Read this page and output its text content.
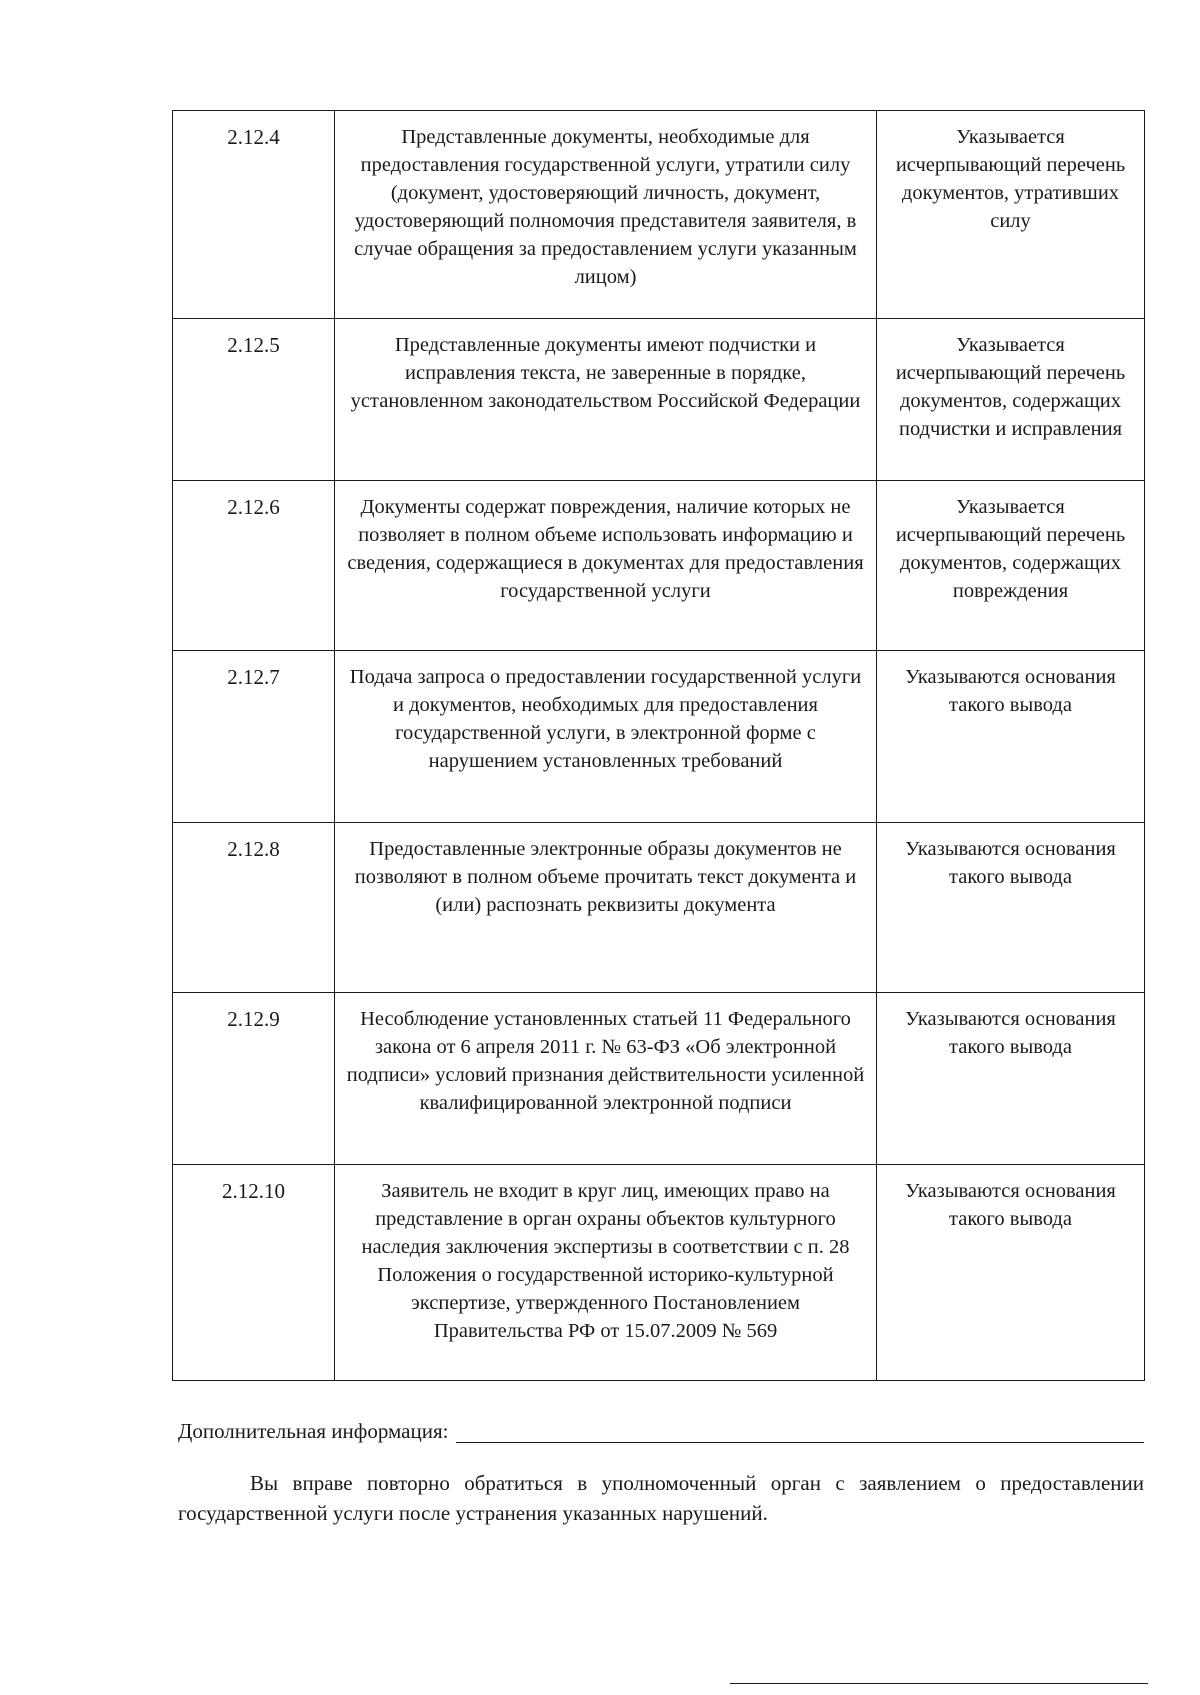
2.12.4	Представленные документы, необходимые для предоставления государственной услуги, утратили силу (документ, удостоверяющий личность, документ, удостоверяющий полномочия представителя заявителя, в случае обращения за предоставлением услуги указанным лицом)	Указывается исчерпывающий перечень документов, утративших силу
2.12.5	Представленные документы имеют подчистки и исправления текста, не заверенные в порядке, установленном законодательством Российской Федерации	Указывается исчерпывающий перечень документов, содержащих подчистки и исправления
2.12.6	Документы содержат повреждения, наличие которых не позволяет в полном объеме использовать информацию и сведения, содержащиеся в документах для предоставления государственной услуги	Указывается исчерпывающий перечень документов, содержащих повреждения
2.12.7	Подача запроса о предоставлении государственной услуги и документов, необходимых для предоставления государственной услуги, в электронной форме с нарушением установленных требований	Указываются основания такого вывода
2.12.8	Предоставленные электронные образы документов не позволяют в полном объеме прочитать текст документа и (или) распознать реквизиты документа	Указываются основания такого вывода
2.12.9	Несоблюдение установленных статьей 11 Федерального закона от 6 апреля 2011 г. № 63-ФЗ «Об электронной подписи» условий признания действительности усиленной квалифицированной электронной подписи	Указываются основания такого вывода
2.12.10	Заявитель не входит в круг лиц, имеющих право на представление в орган охраны объектов культурного наследия заключения экспертизы в соответствии с п. 28 Положения о государственной историко-культурной экспертизе, утвержденного Постановлением Правительства РФ от 15.07.2009 № 569	Указываются основания такого вывода
Дополнительная информация:

Вы вправе повторно обратиться в уполномоченный орган с заявлением о предоставлении государственной услуги после устранения указанных нарушений.
